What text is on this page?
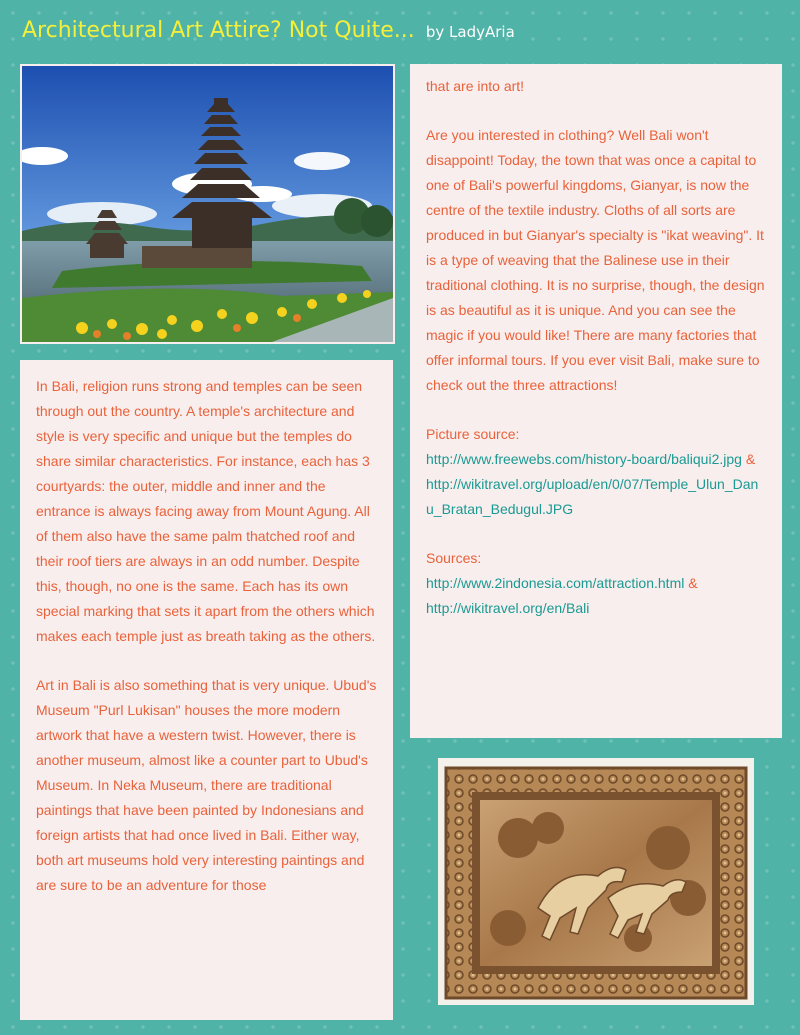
Architectural Art Attire? Not Quite... by LadyAria

In Bali, religion runs strong and temples can be seen through out the country. A temple's architecture and style is very specific and unique but the temples do share similar characteristics. For instance, each has 3 courtyards: the outer, middle and inner and the entrance is always facing away from Mount Agung. All of them also have the same palm thatched roof and their roof tiers are always in an odd number. Despite this, though, no one is the same. Each has its own special marking that sets it apart from the others which makes each temple just as breath taking as the others.

Art in Bali is also something that is very unique. Ubud's Museum "Purl Lukisan" houses the more modern artwork that have a western twist. However, there is another museum, almost like a counter part to Ubud's Museum. In Neka Museum, there are traditional paintings that have been painted by Indonesians and foreign artists that had once lived in Bali. Either way, both art museums hold very interesting paintings and are sure to be an adventure for those

that are into art!

Are you interested in clothing? Well Bali won't disappoint! Today, the town that was once a capital to one of Bali's powerful kingdoms, Gianyar, is now the centre of the textile industry. Cloths of all sorts are produced in but Gianyar's specialty is "ikat weaving". It is a type of weaving that the Balinese use in their traditional clothing. It is no surprise, though, the design is as beautiful as it is unique. And you can see the magic if you would like! There are many factories that offer informal tours. If you ever visit Bali, make sure to check out the three attractions!

Picture source:
http://www.freewebs.com/history-board/baliqui2.jpg &
http://wikitravel.org/upload/en/0/07/Temple_Ulun_Danu_Bratan_Bedugul.JPG

Sources:
http://www.2indonesia.com/attraction.html &
http://wikitravel.org/en/Bali
